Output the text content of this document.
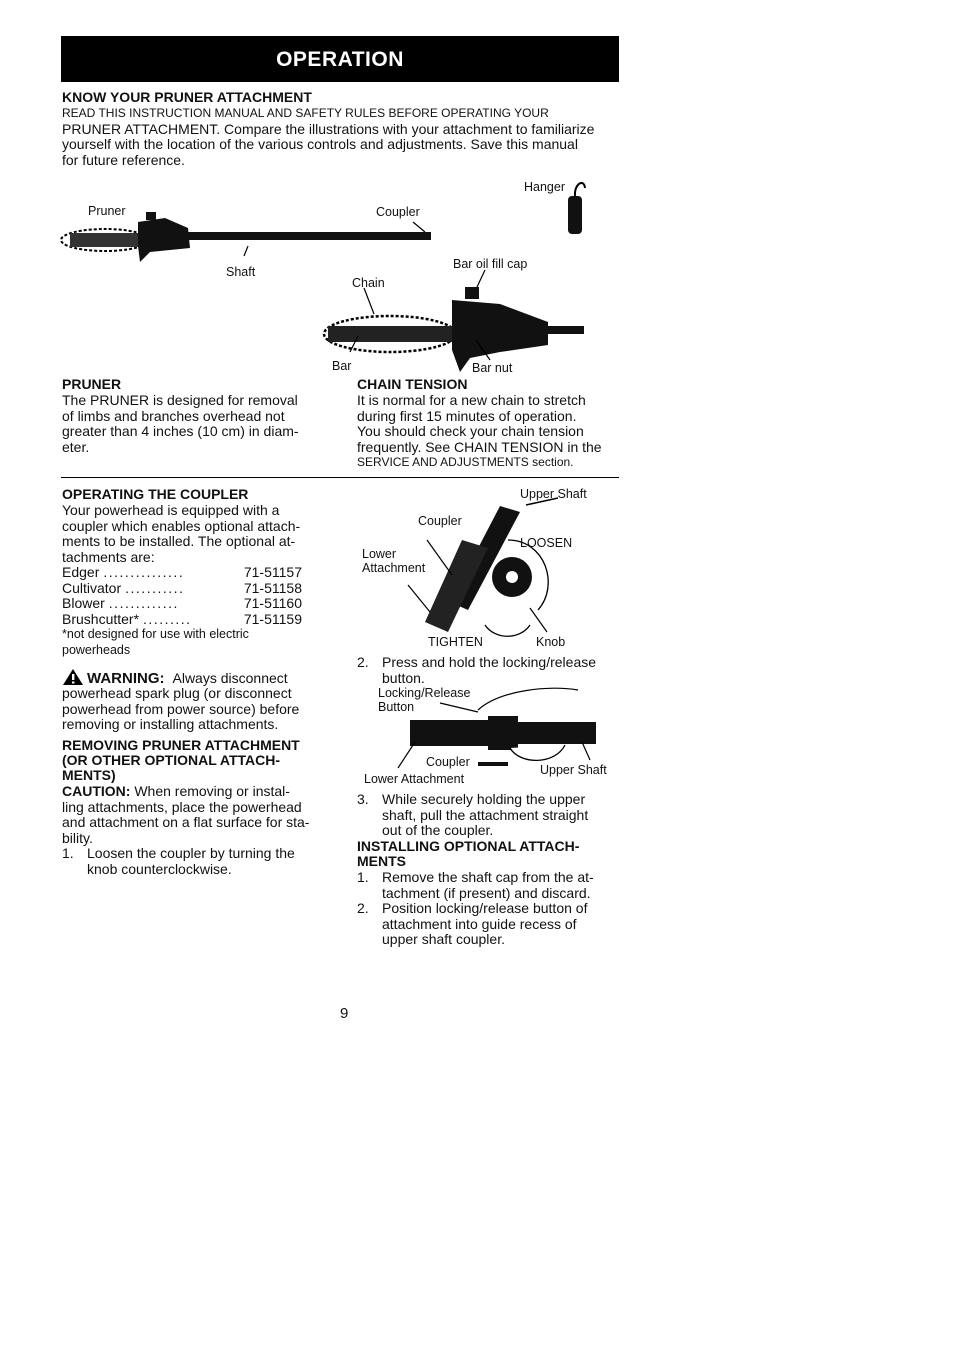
OPERATION
KNOW YOUR PRUNER ATTACHMENT
READ THIS INSTRUCTION MANUAL AND SAFETY RULES BEFORE OPERATING YOUR
PRUNER ATTACHMENT. Compare the illustrations with your attachment to familiarize
yourself with the location of the various controls and adjustments. Save this manual
for future reference.
Pruner	Coupler
Hanger
Shaft
Bar oil fill cap
Chain
Bar	Bar nut
PRUNER
The PRUNER is designed for removal
of limbs and branches overhead not
greater than 4 inches (10 cm) in diam-
eter.
CHAIN TENSION
It is normal for a new chain to stretch
during first 15 minutes of operation.
You should check your chain tension
frequently. See CHAIN TENSION in the
SERVICE AND ADJUSTMENTS section.
OPERATING THE COUPLER
Your powerhead is equipped with a
coupler which enables optional attach-
ments to be installed. The optional at-
tachments are:
Edger ...............	71-51157
Cultivator ...........	71-51158
Blower .............	71-51160
Brushcutter* .........	71-51159
*not designed for use with electric
powerheads
WARNING: Always disconnect
powerhead spark plug (or disconnect
powerhead from power source) before
removing or installing attachments.
REMOVING PRUNER ATTACHMENT
(OR OTHER OPTIONAL ATTACH-
MENTS)
CAUTION: When removing or instal-
ling attachments, place the powerhead
and attachment on a flat surface for sta-
bility.
1. Loosen the coupler by turning the
knob counterclockwise.
Upper Shaft
Coupler
LOOSEN
Lower
Attachment
TIGHTEN	Knob
2. Press and hold the locking/release
button.
Locking/Release
Button
Coupler
Upper Shaft
Lower Attachment
3. While securely holding the upper
shaft, pull the attachment straight
out of the coupler.
INSTALLING OPTIONAL ATTACH-
MENTS
1. Remove the shaft cap from the at-
tachment (if present) and discard.
2. Position locking/release button of
attachment into guide recess of
upper shaft coupler.
9
